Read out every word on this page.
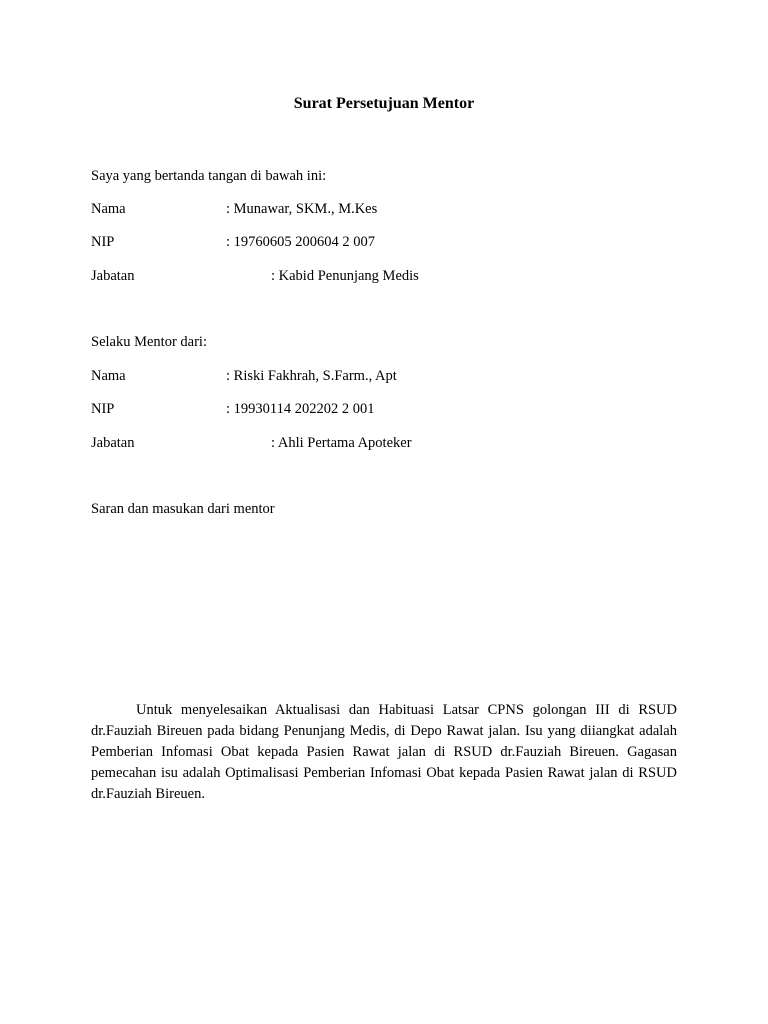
Surat Persetujuan Mentor
Saya yang bertanda tangan di bawah ini:
Nama	: Munawar, SKM., M.Kes
NIP	: 19760605 200604 2 007
Jabatan	: Kabid Penunjang Medis
Selaku Mentor dari:
Nama	: Riski Fakhrah, S.Farm., Apt
NIP	: 19930114 202202 2 001
Jabatan	: Ahli Pertama Apoteker
Saran dan masukan dari mentor
Untuk menyelesaikan Aktualisasi dan Habituasi Latsar CPNS golongan III di RSUD dr.Fauziah Bireuen pada bidang Penunjang Medis, di Depo Rawat jalan. Isu yang diiangkat adalah Pemberian Infomasi Obat kepada Pasien Rawat jalan di RSUD dr.Fauziah Bireuen. Gagasan pemecahan isu adalah Optimalisasi Pemberian Infomasi Obat kepada Pasien Rawat jalan di RSUD dr.Fauziah Bireuen.
